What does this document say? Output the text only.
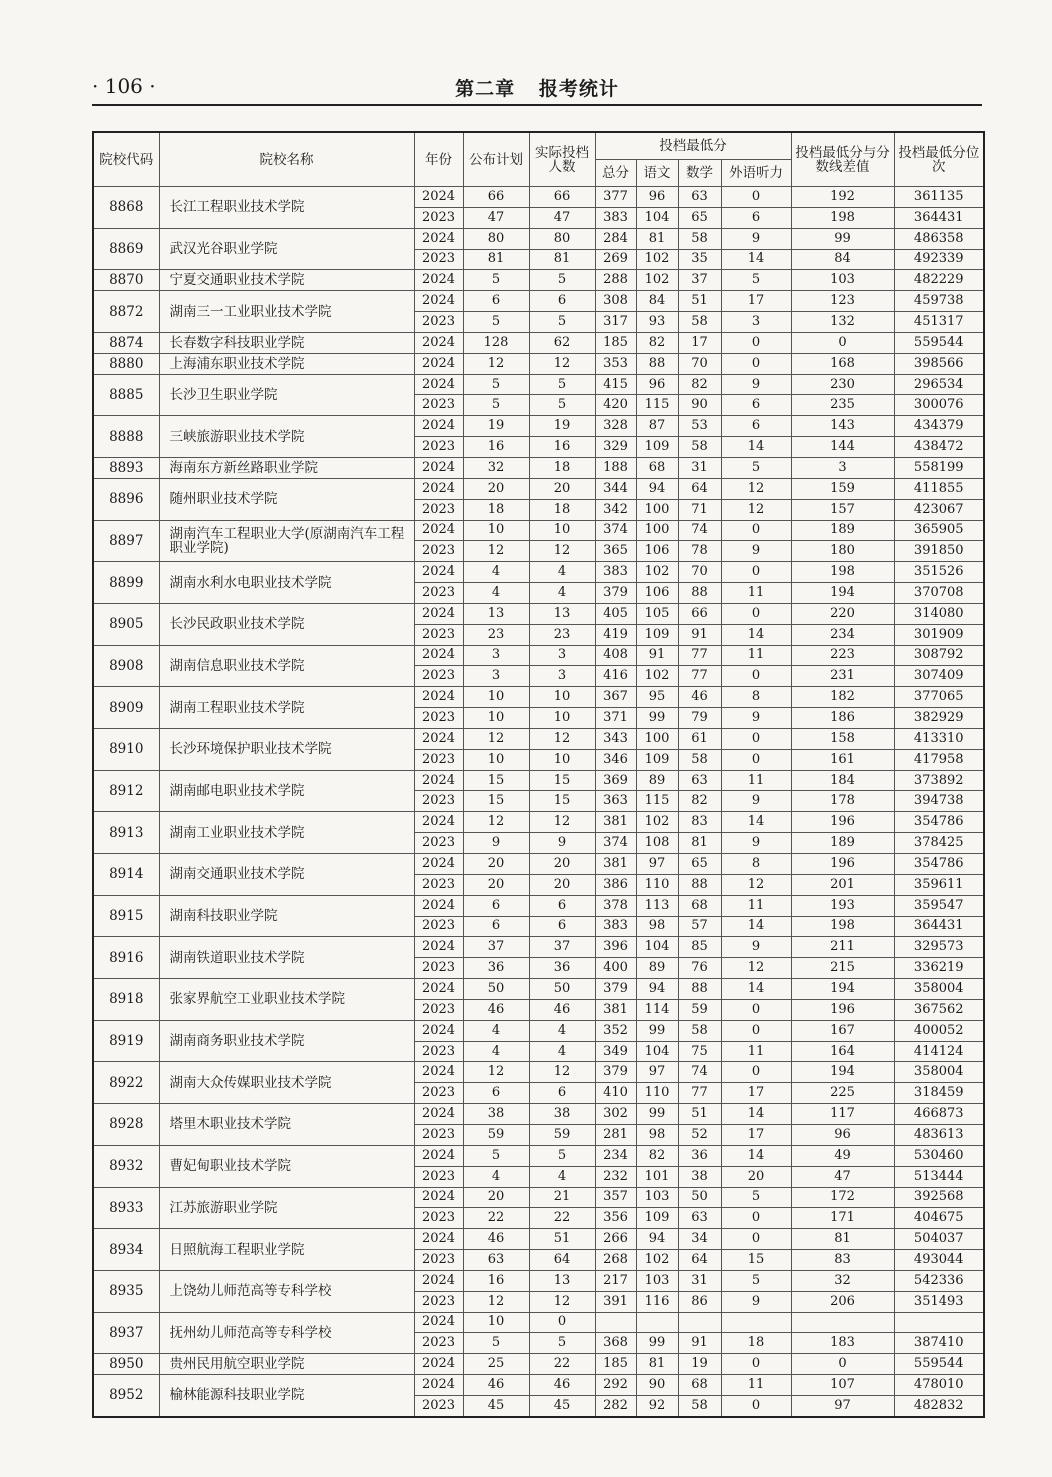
· 106 ·	第二章 报考统计
院校代码	院校名称	年份	公布计划	实际投档人数	投档最低分				投档最低分与分数线差值	投档最低分位次
					总分	语文	数学	外语听力		
8868	长江工程职业技术学院	2024	66	66	377	96	63	0	192	361135
		2023	47	47	383	104	65	6	198	364431
8869	武汉光谷职业学院	2024	80	80	284	81	58	9	99	486358
		2023	81	81	269	102	35	14	84	492339
8870	宁夏交通职业技术学院	2024	5	5	288	102	37	5	103	482229
8872	湖南三一工业职业技术学院	2024	6	6	308	84	51	17	123	459738
		2023	5	5	317	93	58	3	132	451317
8874	长春数字科技职业学院	2024	128	62	185	82	17	0	0	559544
8880	上海浦东职业技术学院	2024	12	12	353	88	70	0	168	398566
8885	长沙卫生职业学院	2024	5	5	415	96	82	9	230	296534
		2023	5	5	420	115	90	6	235	300076
8888	三峡旅游职业技术学院	2024	19	19	328	87	53	6	143	434379
		2023	16	16	329	109	58	14	144	438472
8893	海南东方新丝路职业学院	2024	32	18	188	68	31	5	3	558199
8896	随州职业技术学院	2024	20	20	344	94	64	12	159	411855
		2023	18	18	342	100	71	12	157	423067
8897	湖南汽车工程职业大学(原湖南汽车工程职业学院)	2024	10	10	374	100	74	0	189	365905
		2023	12	12	365	106	78	9	180	391850
8899	湖南水利水电职业技术学院	2024	4	4	383	102	70	0	198	351526
		2023	4	4	379	106	88	11	194	370708
8905	长沙民政职业技术学院	2024	13	13	405	105	66	0	220	314080
		2023	23	23	419	109	91	14	234	301909
8908	湖南信息职业技术学院	2024	3	3	408	91	77	11	223	308792
		2023	3	3	416	102	77	0	231	307409
8909	湖南工程职业技术学院	2024	10	10	367	95	46	8	182	377065
		2023	10	10	371	99	79	9	186	382929
8910	长沙环境保护职业技术学院	2024	12	12	343	100	61	0	158	413310
		2023	10	10	346	109	58	0	161	417958
8912	湖南邮电职业技术学院	2024	15	15	369	89	63	11	184	373892
		2023	15	15	363	115	82	9	178	394738
8913	湖南工业职业技术学院	2024	12	12	381	102	83	14	196	354786
		2023	9	9	374	108	81	9	189	378425
8914	湖南交通职业技术学院	2024	20	20	381	97	65	8	196	354786
		2023	20	20	386	110	88	12	201	359611
8915	湖南科技职业学院	2024	6	6	378	113	68	11	193	359547
		2023	6	6	383	98	57	14	198	364431
8916	湖南铁道职业技术学院	2024	37	37	396	104	85	9	211	329573
		2023	36	36	400	89	76	12	215	336219
8918	张家界航空工业职业技术学院	2024	50	50	379	94	88	14	194	358004
		2023	46	46	381	114	59	0	196	367562
8919	湖南商务职业技术学院	2024	4	4	352	99	58	0	167	400052
		2023	4	4	349	104	75	11	164	414124
8922	湖南大众传媒职业技术学院	2024	12	12	379	97	74	0	194	358004
		2023	6	6	410	110	77	17	225	318459
8928	塔里木职业技术学院	2024	38	38	302	99	51	14	117	466873
		2023	59	59	281	98	52	17	96	483613
8932	曹妃甸职业技术学院	2024	5	5	234	82	36	14	49	530460
		2023	4	4	232	101	38	20	47	513444
8933	江苏旅游职业学院	2024	20	21	357	103	50	5	172	392568
		2023	22	22	356	109	63	0	171	404675
8934	日照航海工程职业学院	2024	46	51	266	94	34	0	81	504037
		2023	63	64	268	102	64	15	83	493044
8935	上饶幼儿师范高等专科学校	2024	16	13	217	103	31	5	32	542336
		2023	12	12	391	116	86	9	206	351493
8937	抚州幼儿师范高等专科学校	2024	10	0						
		2023	5	5	368	99	91	18	183	387410
8950	贵州民用航空职业学院	2024	25	22	185	81	19	0	0	559544
8952	榆林能源科技职业学院	2024	46	46	292	90	68	11	107	478010
		2023	45	45	282	92	58	0	97	482832
